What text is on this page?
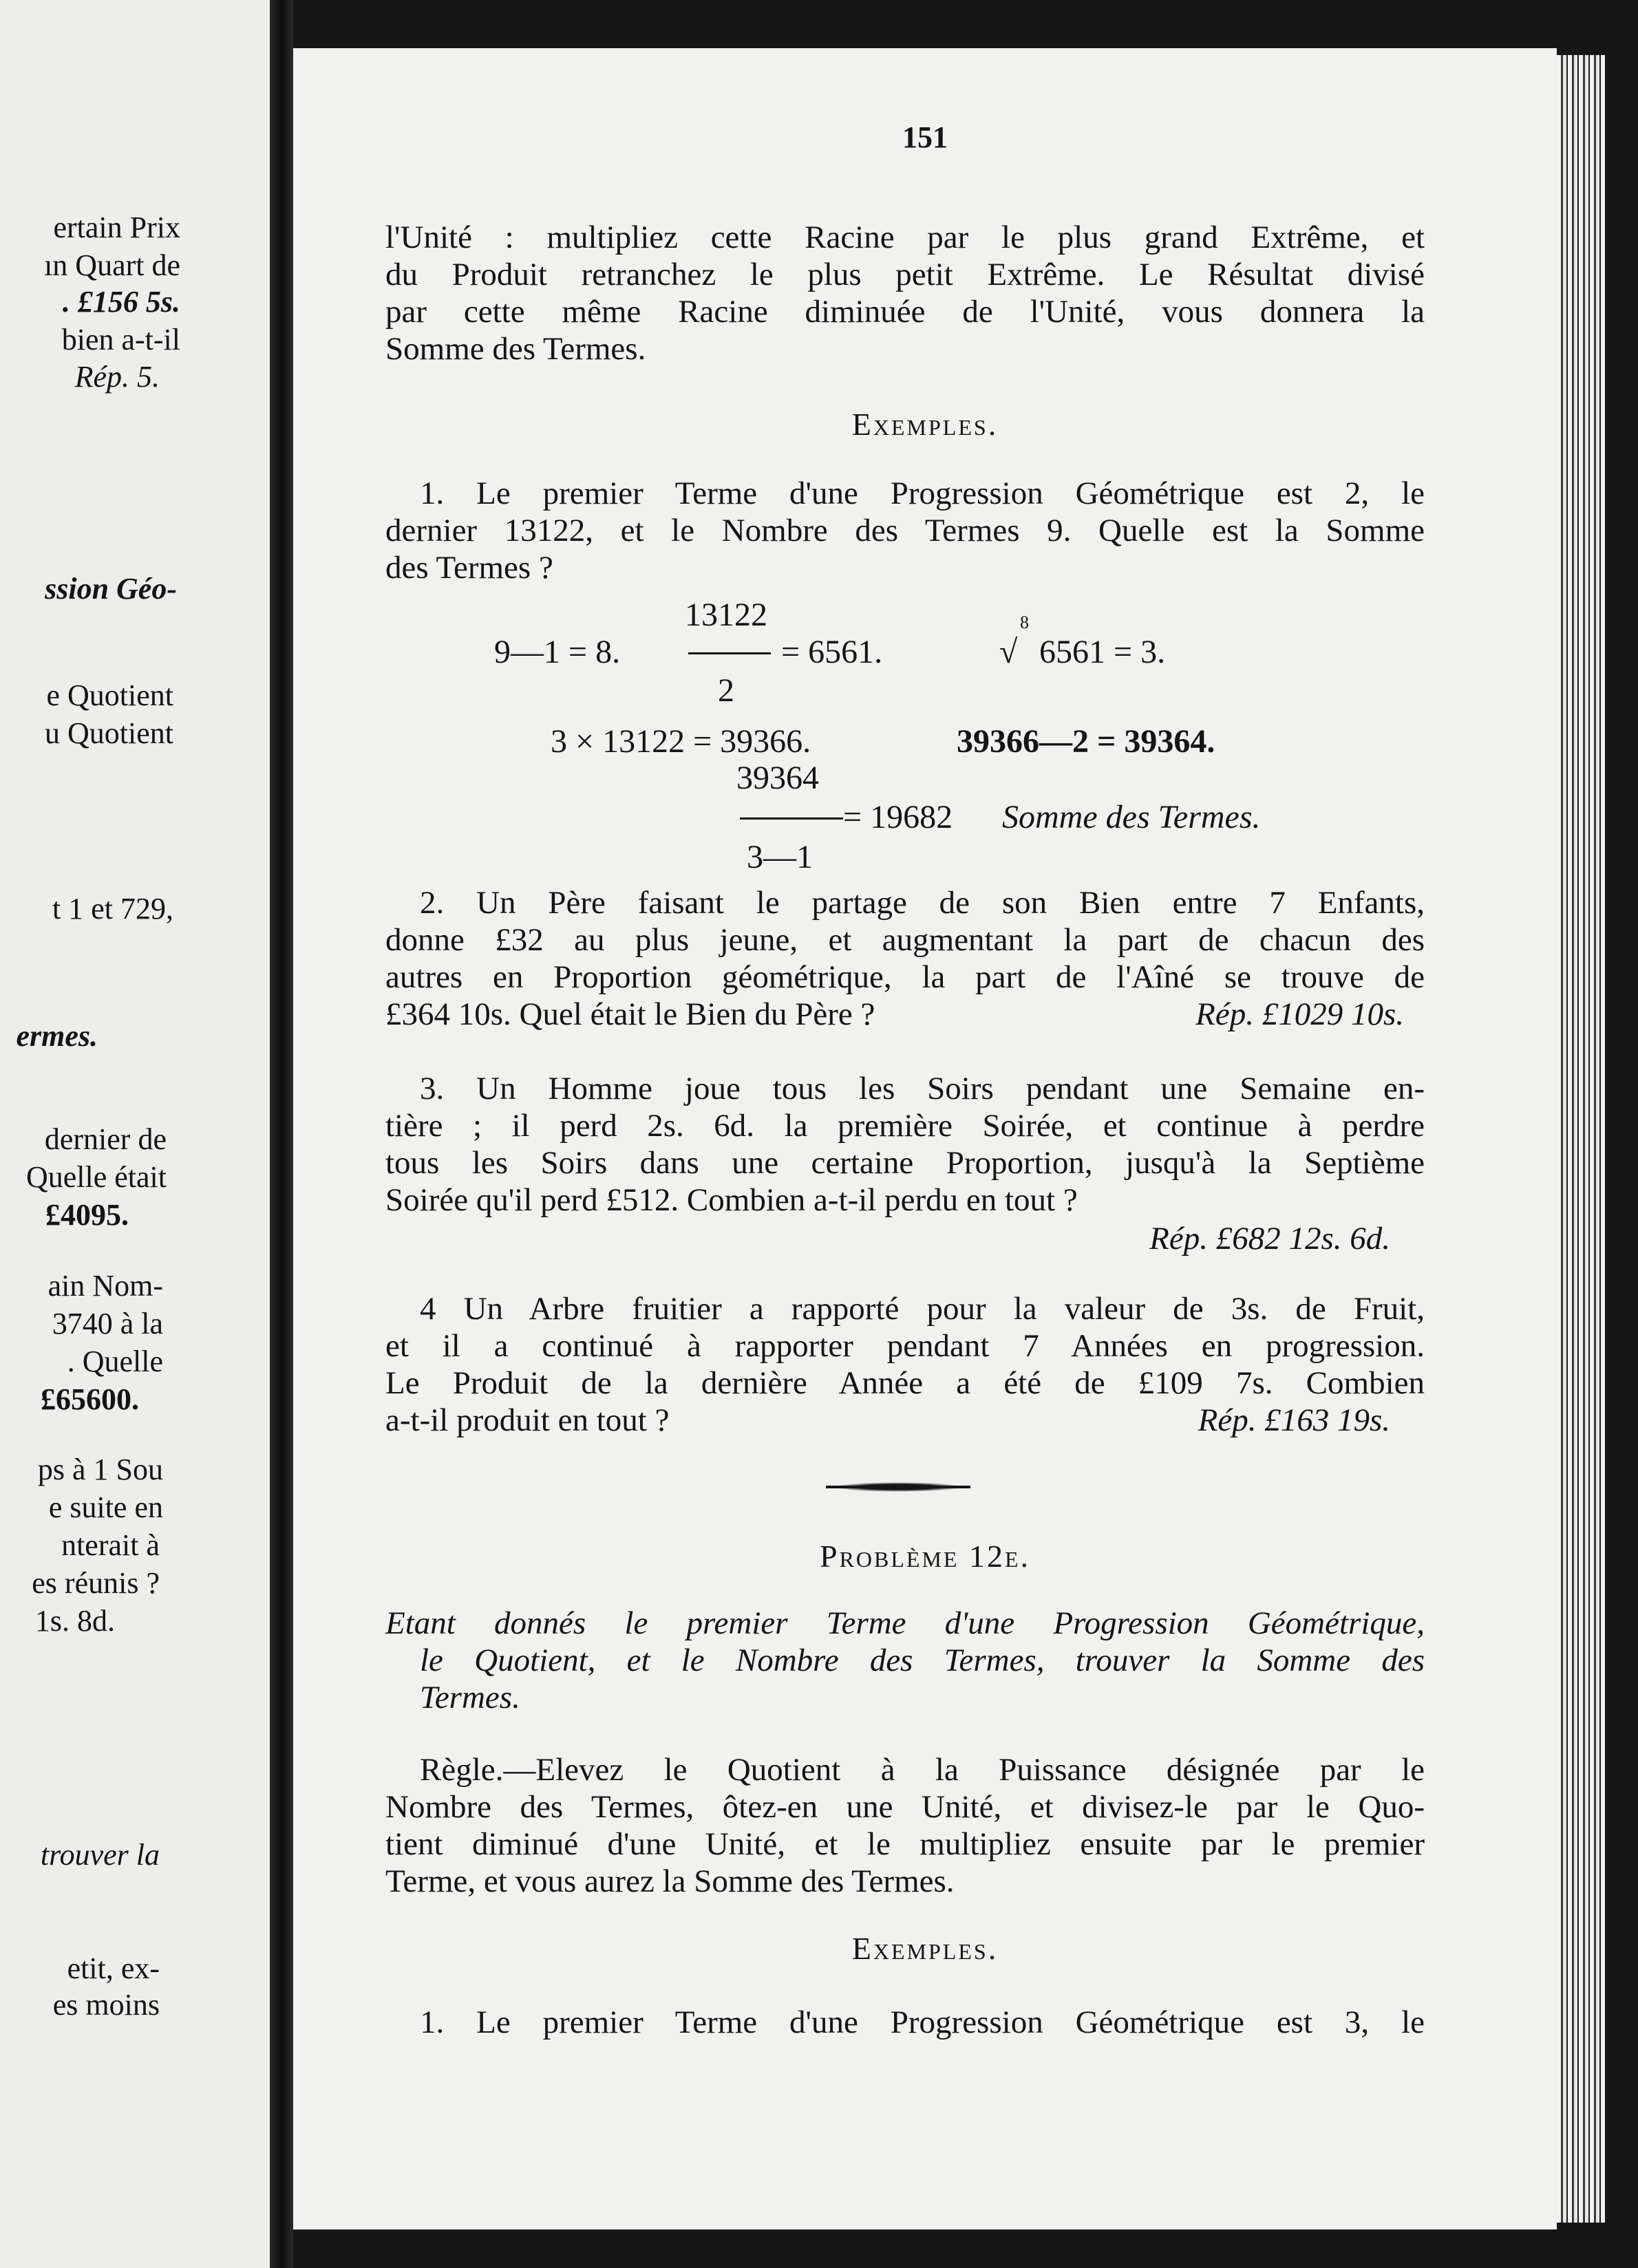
ertain Prix
ın Quart de
. £156 5s.
bien a-t-il
Rép. 5.
ssion Géo-
e Quotient
u Quotient
t 1 et 729,
ermes.
dernier de
Quelle était
£4095.
ain Nom-
3740 à la
. Quelle
£65600.
ps à 1 Sou
e suite en
nterait à
es réunis ?
1s. 8d.
trouver la
etit, ex-
es moins
151
l'Unité : multipliez cette Racine par le plus grand Extrême, et
du Produit retranchez le plus petit Extrême. Le Résultat divisé
par cette même Racine diminuée de l'Unité, vous donnera la
Somme des Termes.
Exemples.
1. Le premier Terme d'une Progression Géométrique est 2, le
dernier 13122, et le Nombre des Termes 9. Quelle est la Somme
des Termes ?
9—1 = 8.
13122
2
= 6561.
8
√ 6561 = 3.
3 × 13122 = 39366.	39366—2 = 39364.
39364
3—1
= 19682 Somme des Termes.
2. Un Père faisant le partage de son Bien entre 7 Enfants,
donne £32 au plus jeune, et augmentant la part de chacun des
autres en Proportion géométrique, la part de l'Aîné se trouve de
£364 10s. Quel était le Bien du Père ?	Rép. £1029 10s.
3. Un Homme joue tous les Soirs pendant une Semaine en-
tière ; il perd 2s. 6d. la première Soirée, et continue à perdre
tous les Soirs dans une certaine Proportion, jusqu'à la Septième
Soirée qu'il perd £512. Combien a-t-il perdu en tout ?
Rép. £682 12s. 6d.
4 Un Arbre fruitier a rapporté pour la valeur de 3s. de Fruit,
et il a continué à rapporter pendant 7 Années en progression.
Le Produit de la dernière Année a été de £109 7s. Combien
a-t-il produit en tout ?	Rép. £163 19s.
Problème 12e.
Etant donnés le premier Terme d'une Progression Géométrique,
le Quotient, et le Nombre des Termes, trouver la Somme des
Termes.
Règle.—Elevez le Quotient à la Puissance désignée par le
Nombre des Termes, ôtez-en une Unité, et divisez-le par le Quo-
tient diminué d'une Unité, et le multipliez ensuite par le premier
Terme, et vous aurez la Somme des Termes.
Exemples.
1. Le premier Terme d'une Progression Géométrique est 3, le
